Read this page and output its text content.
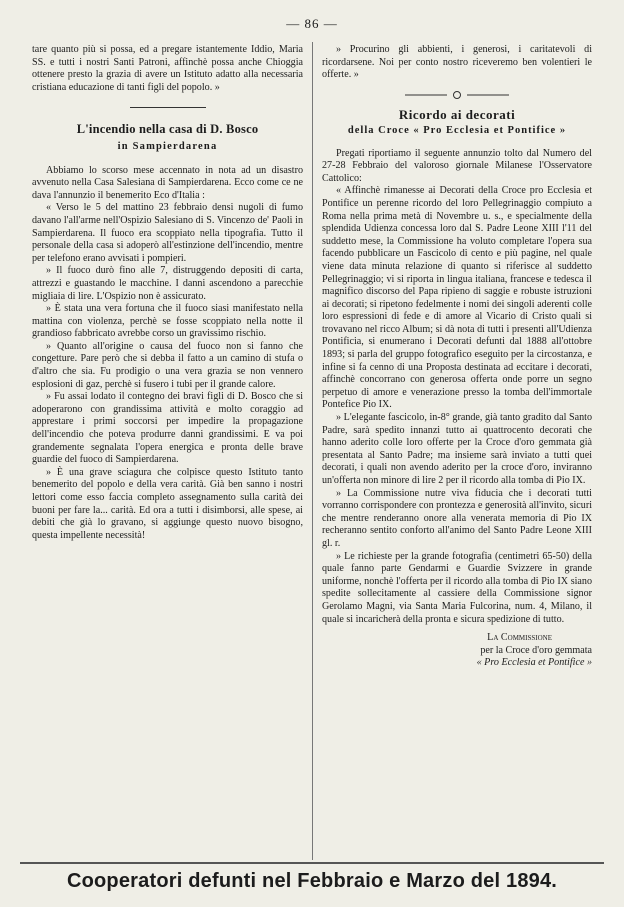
— 86 —

tare quanto più si possa, ed a pregare istantemente Iddio, Maria SS. e tutti i nostri Santi Patroni, affinchè possa anche Chioggia ottenere presto la grazia di avere un Istituto adatto alla necessaria cristiana educazione di tanti figli del popolo. »

L'incendio nella casa di D. Bosco
in Sampierdarena

Abbiamo lo scorso mese accennato in nota ad un disastro avvenuto nella Casa Salesiana di Sampierdarena. Ecco come ce ne dava l'annunzio il benemerito Eco d'Italia :

« Verso le 5 del mattino 23 febbraio densi nugoli di fumo davano l'all'arme nell'Ospizio Salesiano di S. Vincenzo de' Paoli in Sampierdarena. Il fuoco era scoppiato nella tipografia. Tutto il personale della casa si adoperò all'estinzione dell'incendio, mentre per telefono erano avvisati i pompieri.

» Il fuoco durò fino alle 7, distruggendo depositi di carta, attrezzi e guastando le macchine. I danni ascendono a parecchie migliaia di lire. L'Ospizio non è assicurato.

» È stata una vera fortuna che il fuoco siasi manifestato nella mattina con violenza, perchè se fosse scoppiato nella notte il grandioso fabbricato avrebbe corso un gravissimo rischio.

» Quanto all'origine o causa del fuoco non si fanno che congetture. Pare però che si debba il fatto a un camino di stufa o d'altro che sia. Fu prodigio o una vera grazia se non vennero esplosioni di gaz, perchè si fusero i tubi per il grande calore.

» Fu assai lodato il contegno dei bravi figli di D. Bosco che si adoperarono con grandissima attività e molto coraggio ad apprestare i primi soccorsi per impedire la propagazione dell'incendio che poteva produrre danni grandissimi. E va poi grandemente segnalata l'opera energica e pronta delle brave guardie del fuoco di Sampierdarena.

» È una grave sciagura che colpisce questo Istituto tanto benemerito del popolo e della vera carità. Già ben sanno i nostri lettori come esso faccia completo assegnamento sulla carità dei buoni per fare la... carità. Ed ora a tutti i disimborsi, alle spese, ai debiti che già lo gravano, si aggiunge questo nuovo bisogno, questa impellente necessità!

» Procurino gli abbienti, i generosi, i caritatevoli di ricordarsene. Noi per conto nostro riceveremo ben volentieri le offerte. »

Ricordo ai decorati
della Croce « Pro Ecclesia et Pontifice »

Pregati riportiamo il seguente annunzio tolto dal Numero del 27-28 Febbraio del valoroso giornale Milanese l'Osservatore Cattolico:

« Affinchè rimanesse ai Decorati della Croce pro Ecclesia et Pontifice un perenne ricordo del loro Pellegrinaggio compiuto a Roma nella prima metà di Novembre u. s., e specialmente della splendida Udienza concessa loro dal S. Padre Leone XIII l'11 del suddetto mese, la Commissione ha voluto completare l'opera sua facendo pubblicare un Fascicolo di cento e più pagine, nel quale viene data minuta relazione di quanto si riferisce al suddetto Pellegrinaggio; vi si riporta in lingua italiana, francese e tedesca il magnifico discorso del Papa ripieno di saggie e robuste istruzioni ai decorati; si ripetono fedelmente i nomi dei singoli aderenti colle loro espressioni di fede e di amore al Vicario di Cristo quali si trovavano nel ricco Album; si dà nota di tutti i presenti all'Udienza Pontificia, si enumerano i Decorati defunti dal 1888 all'ottobre 1893; si parla del gruppo fotografico eseguito per la circostanza, e infine si fa cenno di una Proposta destinata ad eccitare i decorati, affinchè concorrano con generosa offerta onde porre un segno perpetuo di amore e venerazione presso la tomba dell'immortale Pontefice Pio IX.

» L'elegante fascicolo, in-8° grande, già tanto gradito dal Santo Padre, sarà spedito innanzi tutto ai quattrocento decorati che hanno aderito colle loro offerte per la Croce d'oro gemmata già presentata al Santo Padre; ma insieme sarà inviato a tutti quei decorati, i quali non avendo aderito per la croce d'oro, inviranno un'offerta non minore di lire 2 per il ricordo alla tomba di Pio IX.

» La Commissione nutre viva fiducia che i decorati tutti vorranno corrispondere con prontezza e generosità all'invito, sicuri che mentre renderanno onore alla venerata memoria di Pio IX recheranno sentito conforto all'animo del Santo Padre Leone XIII gl. r.

» Le richieste per la grande fotografia (centimetri 65-50) della quale fanno parte Gendarmi e Guardie Svizzere in grande uniforme, nonchè l'offerta per il ricordo alla tomba di Pio IX siano spedite sollecitamente al cassiere della Commissione signor Gerolamo Magni, via Santa Maria Fulcorina, num. 4, Milano, il quale si incaricherà della pronta e sicura spedizione di tutto.

La Commissione
per la Croce d'oro gemmata
« Pro Ecclesia et Pontifice »
Cooperatori defunti nel Febbraio e Marzo del 1894.
